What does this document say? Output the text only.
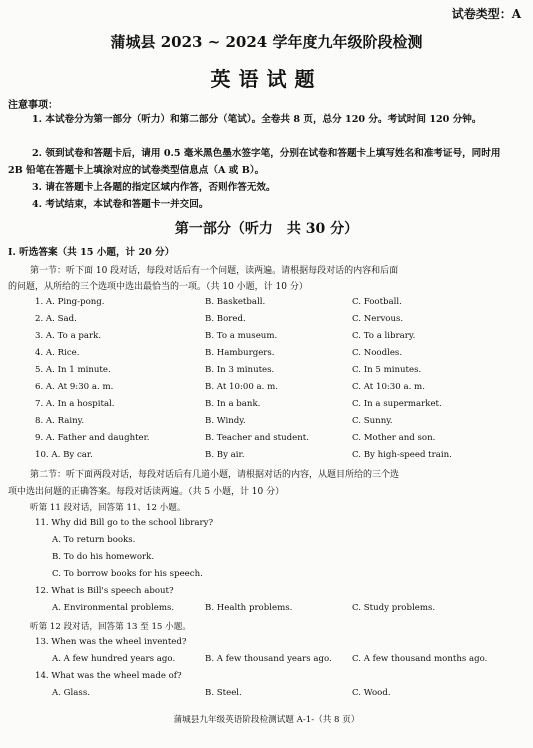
试卷类型：A
蒲城县 2023 ~ 2024 学年度九年级阶段检测
英语试题
注意事项：
1. 本试卷分为第一部分（听力）和第二部分（笔试）。全卷共 8 页，总分 120 分。考试时间 120 分钟。
2. 领到试卷和答题卡后，请用 0.5 毫米黑色墨水签字笔，分别在试卷和答题卡上填写姓名和准考证号，同时用 2B 铅笔在答题卡上填涂对应的试卷类型信息点（A 或 B）。
3. 请在答题卡上各题的指定区域内作答，否则作答无效。
4. 考试结束，本试卷和答题卡一并交回。
第一部分（听力　共 30 分）
Ⅰ. 听选答案（共 15 小题，计 20 分）
第一节：听下面 10 段对话，每段对话后有一个问题，读两遍。请根据每段对话的内容和后面
的问题，从所给的三个选项中选出最恰当的一项。（共 10 小题，计 10 分）
1. A. Ping-pong.	B. Basketball.	C. Football.
2. A. Sad.	B. Bored.	C. Nervous.
3. A. To a park.	B. To a museum.	C. To a library.
4. A. Rice.	B. Hamburgers.	C. Noodles.
5. A. In 1 minute.	B. In 3 minutes.	C. In 5 minutes.
6. A. At 9:30 a. m.	B. At 10:00 a. m.	C. At 10:30 a. m.
7. A. In a hospital.	B. In a bank.	C. In a supermarket.
8. A. Rainy.	B. Windy.	C. Sunny.
9. A. Father and daughter.	B. Teacher and student.	C. Mother and son.
10. A. By car.	B. By air.	C. By high-speed train.
第二节：听下面两段对话，每段对话后有几道小题，请根据对话的内容，从题目所给的三个选
项中选出问题的正确答案。每段对话读两遍。（共 5 小题，计 10 分）
听第 11 段对话，回答第 11、12 小题。
11. Why did Bill go to the school library?
A. To return books.
B. To do his homework.
C. To borrow books for his speech.
12. What is Bill's speech about?
A. Environmental problems.	B. Health problems.	C. Study problems.
听第 12 段对话，回答第 13 至 15 小题。
13. When was the wheel invented?
A. A few hundred years ago.	B. A few thousand years ago. C. A few thousand months ago.
14. What was the wheel made of?
A. Glass.	B. Steel.	C. Wood.
蒲城县九年级英语阶段检测试题 A-1-（共 8 页）
